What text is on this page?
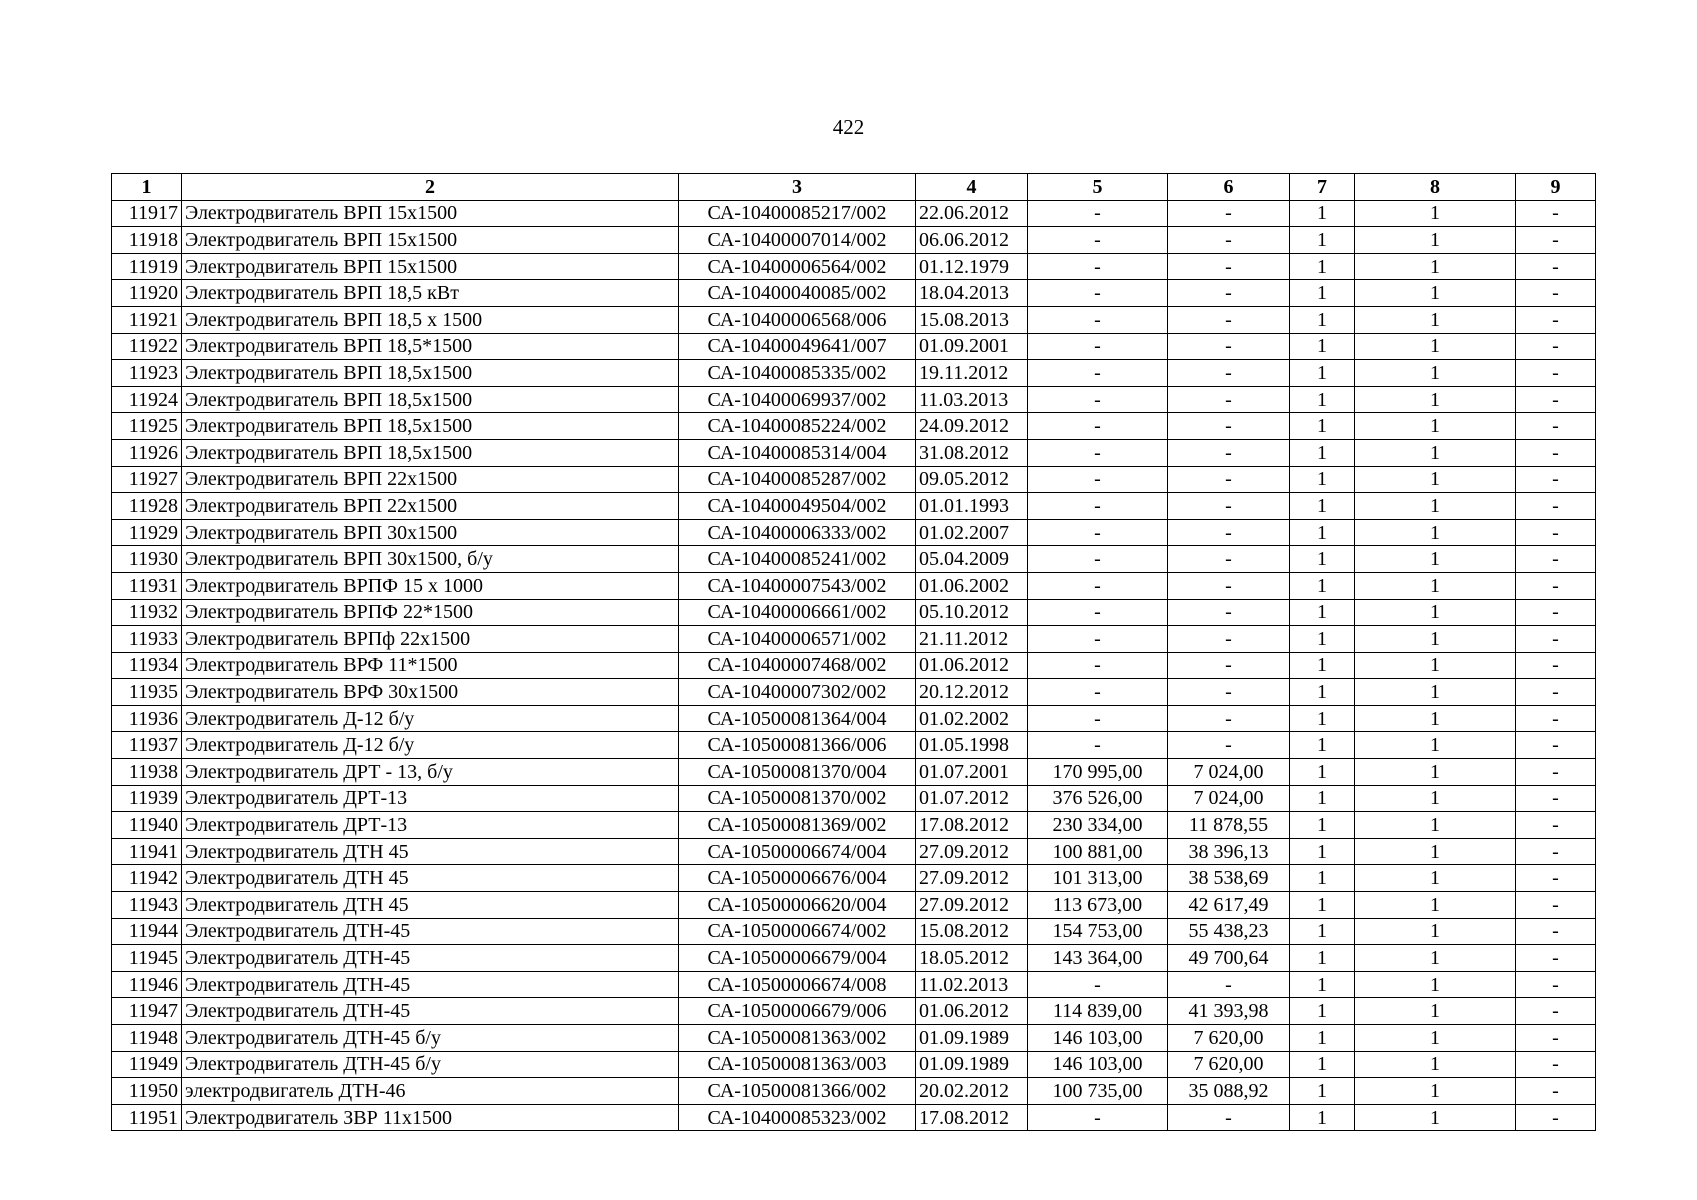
422
1	2	3	4	5	6	7	8	9
11917	Электродвигатель ВРП 15х1500	СА-10400085217/002	22.06.2012	-	-	1	1	-
11918	Электродвигатель ВРП 15х1500	СА-10400007014/002	06.06.2012	-	-	1	1	-
11919	Электродвигатель ВРП 15х1500	СА-10400006564/002	01.12.1979	-	-	1	1	-
11920	Электродвигатель ВРП 18,5 кВт	СА-10400040085/002	18.04.2013	-	-	1	1	-
11921	Электродвигатель ВРП 18,5 х 1500	СА-10400006568/006	15.08.2013	-	-	1	1	-
11922	Электродвигатель ВРП 18,5*1500	СА-10400049641/007	01.09.2001	-	-	1	1	-
11923	Электродвигатель ВРП 18,5х1500	СА-10400085335/002	19.11.2012	-	-	1	1	-
11924	Электродвигатель ВРП 18,5х1500	СА-10400069937/002	11.03.2013	-	-	1	1	-
11925	Электродвигатель ВРП 18,5х1500	СА-10400085224/002	24.09.2012	-	-	1	1	-
11926	Электродвигатель ВРП 18,5х1500	СА-10400085314/004	31.08.2012	-	-	1	1	-
11927	Электродвигатель ВРП 22х1500	СА-10400085287/002	09.05.2012	-	-	1	1	-
11928	Электродвигатель ВРП 22х1500	СА-10400049504/002	01.01.1993	-	-	1	1	-
11929	Электродвигатель ВРП 30х1500	СА-10400006333/002	01.02.2007	-	-	1	1	-
11930	Электродвигатель ВРП 30х1500, б/у	СА-10400085241/002	05.04.2009	-	-	1	1	-
11931	Электродвигатель ВРПФ 15 х 1000	СА-10400007543/002	01.06.2002	-	-	1	1	-
11932	Электродвигатель ВРПФ 22*1500	СА-10400006661/002	05.10.2012	-	-	1	1	-
11933	Электродвигатель ВРПф 22х1500	СА-10400006571/002	21.11.2012	-	-	1	1	-
11934	Электродвигатель ВРФ 11*1500	СА-10400007468/002	01.06.2012	-	-	1	1	-
11935	Электродвигатель ВРФ 30х1500	СА-10400007302/002	20.12.2012	-	-	1	1	-
11936	Электродвигатель Д-12 б/у	СА-10500081364/004	01.02.2002	-	-	1	1	-
11937	Электродвигатель Д-12 б/у	СА-10500081366/006	01.05.1998	-	-	1	1	-
11938	Электродвигатель ДРТ - 13, б/у	СА-10500081370/004	01.07.2001	170 995,00	7 024,00	1	1	-
11939	Электродвигатель ДРТ-13	СА-10500081370/002	01.07.2012	376 526,00	7 024,00	1	1	-
11940	Электродвигатель ДРТ-13	СА-10500081369/002	17.08.2012	230 334,00	11 878,55	1	1	-
11941	Электродвигатель ДТН 45	СА-10500006674/004	27.09.2012	100 881,00	38 396,13	1	1	-
11942	Электродвигатель ДТН 45	СА-10500006676/004	27.09.2012	101 313,00	38 538,69	1	1	-
11943	Электродвигатель ДТН 45	СА-10500006620/004	27.09.2012	113 673,00	42 617,49	1	1	-
11944	Электродвигатель ДТН-45	СА-10500006674/002	15.08.2012	154 753,00	55 438,23	1	1	-
11945	Электродвигатель ДТН-45	СА-10500006679/004	18.05.2012	143 364,00	49 700,64	1	1	-
11946	Электродвигатель ДТН-45	СА-10500006674/008	11.02.2013	-	-	1	1	-
11947	Электродвигатель ДТН-45	СА-10500006679/006	01.06.2012	114 839,00	41 393,98	1	1	-
11948	Электродвигатель ДТН-45 б/у	СА-10500081363/002	01.09.1989	146 103,00	7 620,00	1	1	-
11949	Электродвигатель ДТН-45 б/у	СА-10500081363/003	01.09.1989	146 103,00	7 620,00	1	1	-
11950	электродвигатель ДТН-46	СА-10500081366/002	20.02.2012	100 735,00	35 088,92	1	1	-
11951	Электродвигатель ЗВР 11х1500	СА-10400085323/002	17.08.2012	-	-	1	1	-
